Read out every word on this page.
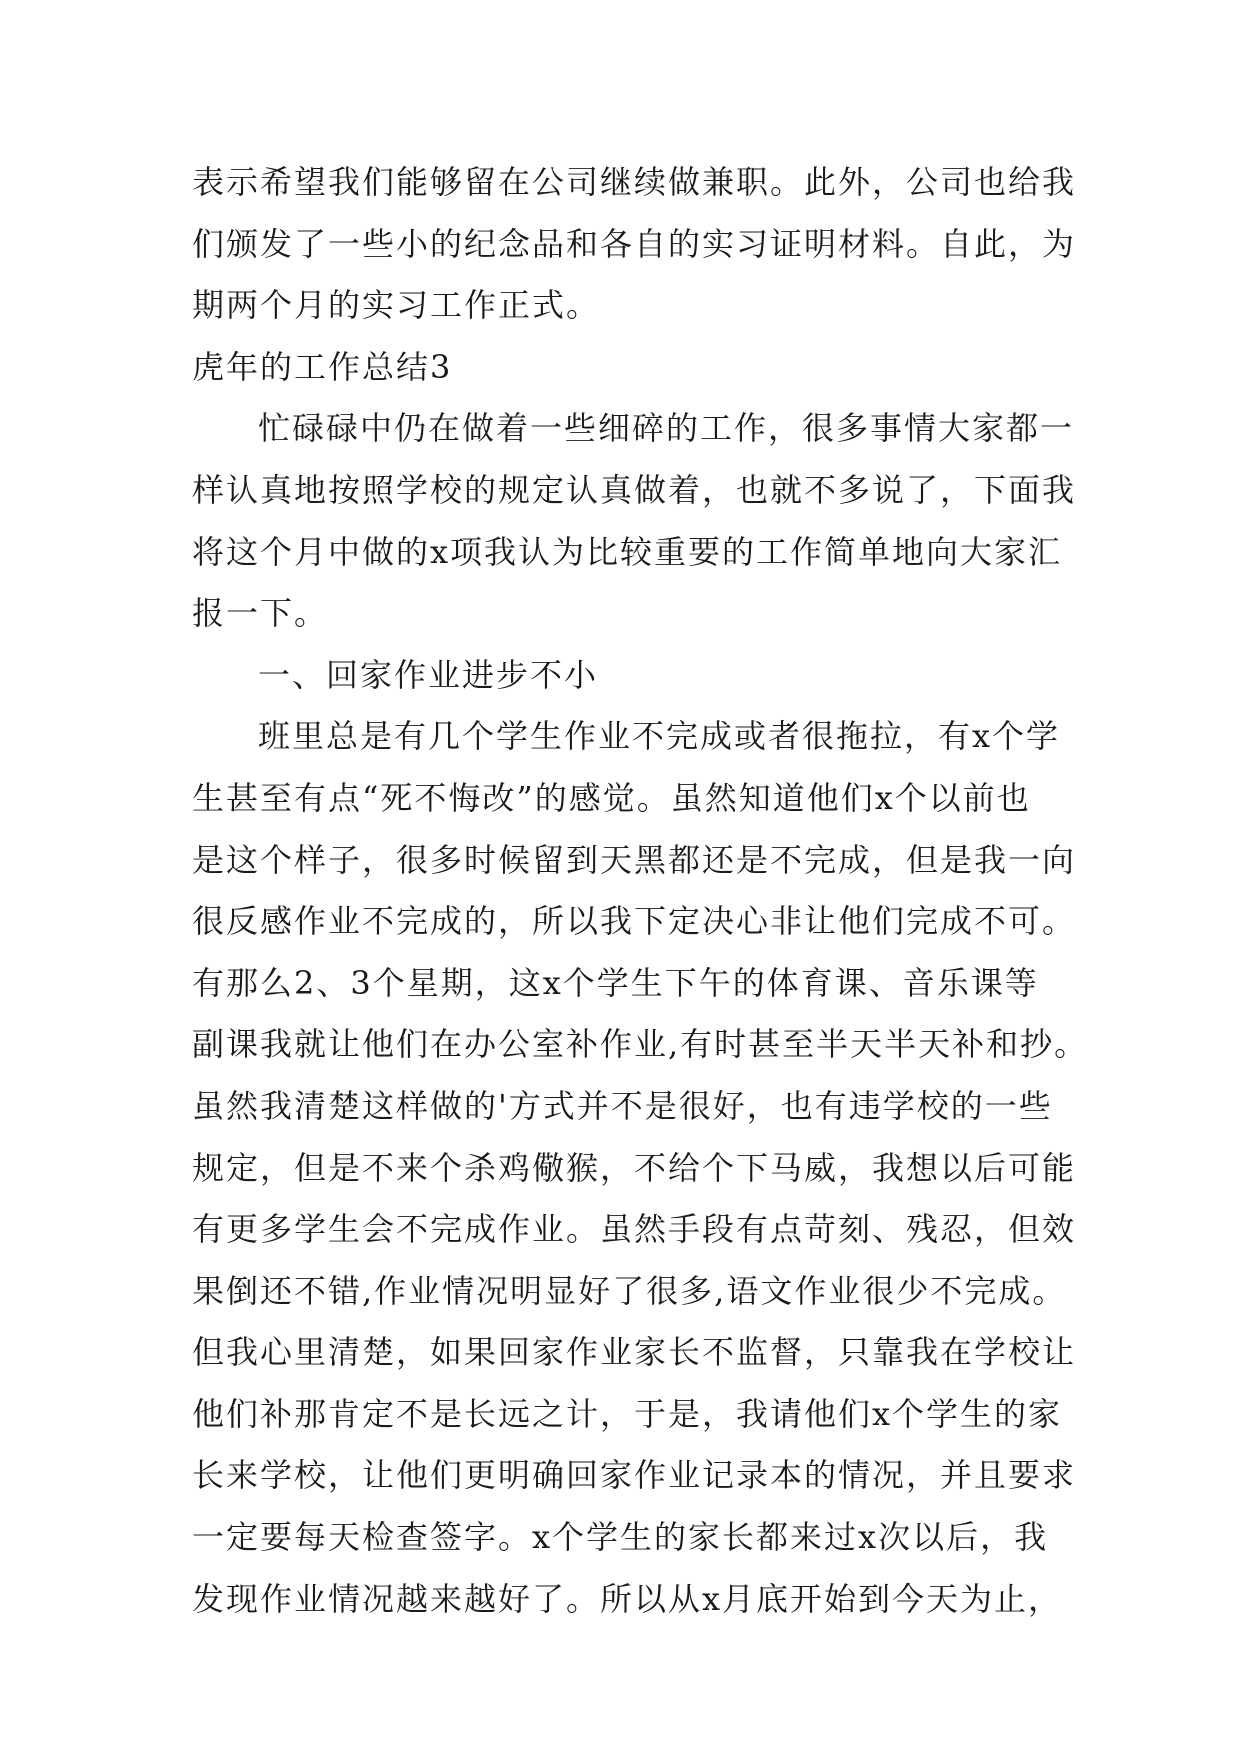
表示希望我们能够留在公司继续做兼职。此外，公司也给我
们颁发了一些小的纪念品和各自的实习证明材料。自此，为
期两个月的实习工作正式。
虎年的工作总结3
忙碌碌中仍在做着一些细碎的工作，很多事情大家都一
样认真地按照学校的规定认真做着，也就不多说了，下面我
将这个月中做的x项我认为比较重要的工作简单地向大家汇
报一下。
一、回家作业进步不小
班里总是有几个学生作业不完成或者很拖拉，有x个学
生甚至有点“死不悔改”的感觉。虽然知道他们x个以前也
是这个样子，很多时候留到天黑都还是不完成，但是我一向
很反感作业不完成的，所以我下定决心非让他们完成不可。
有那么2、3个星期，这x个学生下午的体育课、音乐课等
副课我就让他们在办公室补作业,有时甚至半天半天补和抄。
虽然我清楚这样做的'方式并不是很好，也有违学校的一些
规定，但是不来个杀鸡儆猴，不给个下马威，我想以后可能
有更多学生会不完成作业。虽然手段有点苛刻、残忍，但效
果倒还不错,作业情况明显好了很多,语文作业很少不完成。
但我心里清楚，如果回家作业家长不监督，只靠我在学校让
他们补那肯定不是长远之计，于是，我请他们x个学生的家
长来学校，让他们更明确回家作业记录本的情况，并且要求
一定要每天检查签字。x个学生的家长都来过x次以后，我
发现作业情况越来越好了。所以从x月底开始到今天为止，
